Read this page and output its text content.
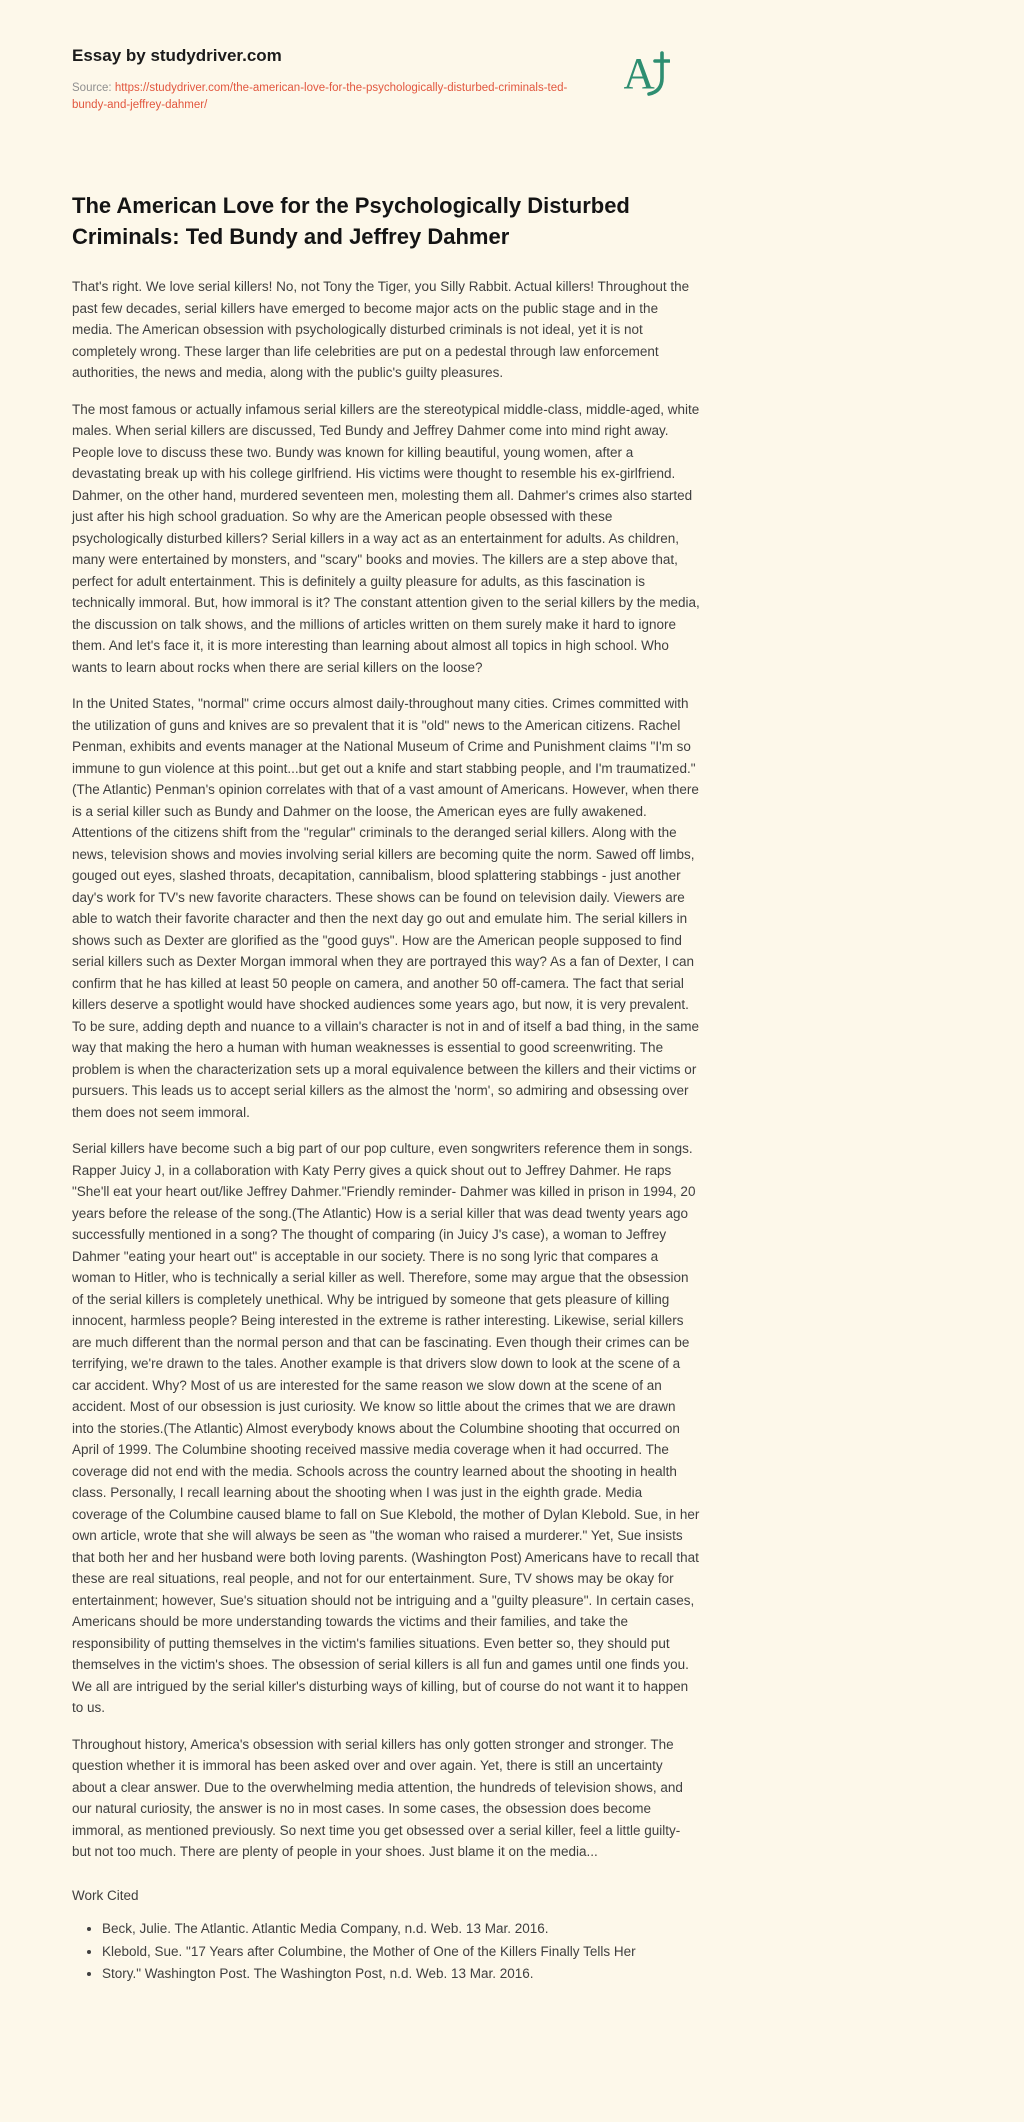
Essay by studydriver.com

Source: https://studydriver.com/the-american-love-for-the-psychologically-disturbed-criminals-ted-bundy-and-jeffrey-dahmer/

A
The American Love for the Psychologically Disturbed Criminals: Ted Bundy and Jeffrey Dahmer

That's right. We love serial killers! No, not Tony the Tiger, you Silly Rabbit. Actual killers! Throughout the past few decades, serial killers have emerged to become major acts on the public stage and in the media. The American obsession with psychologically disturbed criminals is not ideal, yet it is not completely wrong. These larger than life celebrities are put on a pedestal through law enforcement authorities, the news and media, along with the public's guilty pleasures.

The most famous or actually infamous serial killers are the stereotypical middle-class, middle-aged, white males. When serial killers are discussed, Ted Bundy and Jeffrey Dahmer come into mind right away. People love to discuss these two. Bundy was known for killing beautiful, young women, after a devastating break up with his college girlfriend. His victims were thought to resemble his ex-girlfriend. Dahmer, on the other hand, murdered seventeen men, molesting them all. Dahmer's crimes also started just after his high school graduation. So why are the American people obsessed with these psychologically disturbed killers? Serial killers in a way act as an entertainment for adults. As children, many were entertained by monsters, and "scary" books and movies. The killers are a step above that, perfect for adult entertainment. This is definitely a guilty pleasure for adults, as this fascination is technically immoral. But, how immoral is it? The constant attention given to the serial killers by the media, the discussion on talk shows, and the millions of articles written on them surely make it hard to ignore them. And let's face it, it is more interesting than learning about almost all topics in high school. Who wants to learn about rocks when there are serial killers on the loose?

In the United States, "normal" crime occurs almost daily-throughout many cities. Crimes committed with the utilization of guns and knives are so prevalent that it is "old" news to the American citizens. Rachel Penman, exhibits and events manager at the National Museum of Crime and Punishment claims "I'm so immune to gun violence at this point...but get out a knife and start stabbing people, and I'm traumatized."(The Atlantic) Penman's opinion correlates with that of a vast amount of Americans. However, when there is a serial killer such as Bundy and Dahmer on the loose, the American eyes are fully awakened. Attentions of the citizens shift from the "regular" criminals to the deranged serial killers. Along with the news, television shows and movies involving serial killers are becoming quite the norm. Sawed off limbs, gouged out eyes, slashed throats, decapitation, cannibalism, blood splattering stabbings - just another day's work for TV's new favorite characters. These shows can be found on television daily. Viewers are able to watch their favorite character and then the next day go out and emulate him. The serial killers in shows such as Dexter are glorified as the "good guys". How are the American people supposed to find serial killers such as Dexter Morgan immoral when they are portrayed this way? As a fan of Dexter, I can confirm that he has killed at least 50 people on camera, and another 50 off-camera. The fact that serial killers deserve a spotlight would have shocked audiences some years ago, but now, it is very prevalent. To be sure, adding depth and nuance to a villain's character is not in and of itself a bad thing, in the same way that making the hero a human with human weaknesses is essential to good screenwriting. The problem is when the characterization sets up a moral equivalence between the killers and their victims or pursuers. This leads us to accept serial killers as the almost the 'norm', so admiring and obsessing over them does not seem immoral.

Serial killers have become such a big part of our pop culture, even songwriters reference them in songs. Rapper Juicy J, in a collaboration with Katy Perry gives a quick shout out to Jeffrey Dahmer. He raps "She'll eat your heart out/like Jeffrey Dahmer."Friendly reminder- Dahmer was killed in prison in 1994, 20 years before the release of the song.(The Atlantic) How is a serial killer that was dead twenty years ago successfully mentioned in a song? The thought of comparing (in Juicy J's case), a woman to Jeffrey Dahmer "eating your heart out" is acceptable in our society. There is no song lyric that compares a woman to Hitler, who is technically a serial killer as well. Therefore, some may argue that the obsession of the serial killers is completely unethical. Why be intrigued by someone that gets pleasure of killing innocent, harmless people? Being interested in the extreme is rather interesting. Likewise, serial killers are much different than the normal person and that can be fascinating. Even though their crimes can be terrifying, we're drawn to the tales. Another example is that drivers slow down to look at the scene of a car accident. Why? Most of us are interested for the same reason we slow down at the scene of an accident. Most of our obsession is just curiosity. We know so little about the crimes that we are drawn into the stories.(The Atlantic) Almost everybody knows about the Columbine shooting that occurred on April of 1999. The Columbine shooting received massive media coverage when it had occurred. The coverage did not end with the media. Schools across the country learned about the shooting in health class. Personally, I recall learning about the shooting when I was just in the eighth grade. Media coverage of the Columbine caused blame to fall on Sue Klebold, the mother of Dylan Klebold. Sue, in her own article, wrote that she will always be seen as "the woman who raised a murderer." Yet, Sue insists that both her and her husband were both loving parents. (Washington Post) Americans have to recall that these are real situations, real people, and not for our entertainment. Sure, TV shows may be okay for entertainment; however, Sue's situation should not be intriguing and a "guilty pleasure". In certain cases, Americans should be more understanding towards the victims and their families, and take the responsibility of putting themselves in the victim's families situations. Even better so, they should put themselves in the victim's shoes. The obsession of serial killers is all fun and games until one finds you. We all are intrigued by the serial killer's disturbing ways of killing, but of course do not want it to happen to us.

Throughout history, America's obsession with serial killers has only gotten stronger and stronger. The question whether it is immoral has been asked over and over again. Yet, there is still an uncertainty about a clear answer. Due to the overwhelming media attention, the hundreds of television shows, and our natural curiosity, the answer is no in most cases. In some cases, the obsession does become immoral, as mentioned previously. So next time you get obsessed over a serial killer, feel a little guilty- but not too much. There are plenty of people in your shoes. Just blame it on the media...

Work Cited

• Beck, Julie. The Atlantic. Atlantic Media Company, n.d. Web. 13 Mar. 2016.
• Klebold, Sue. "17 Years after Columbine, the Mother of One of the Killers Finally Tells Her
• Story." Washington Post. The Washington Post, n.d. Web. 13 Mar. 2016.
